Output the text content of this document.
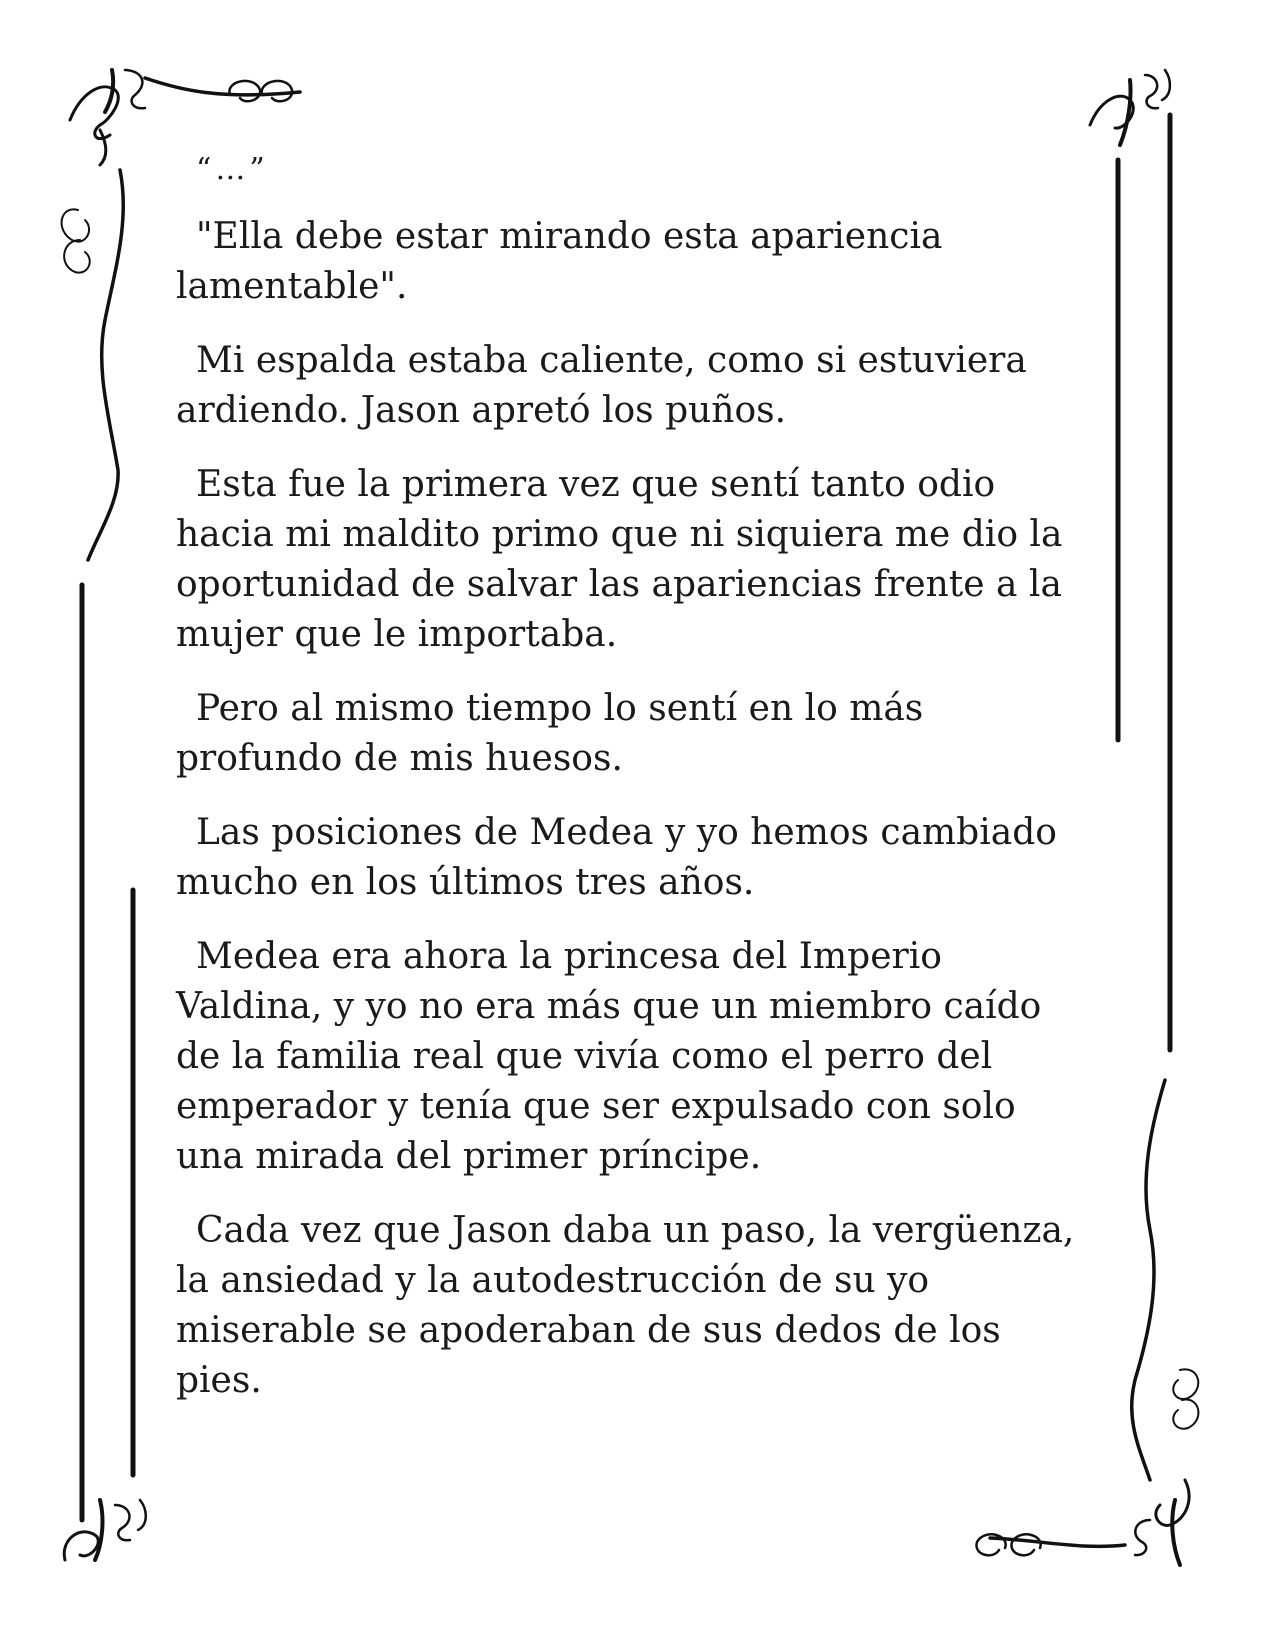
“…”

"Ella debe estar mirando esta apariencia lamentable".

Mi espalda estaba caliente, como si estuviera ardiendo. Jason apretó los puños.

Esta fue la primera vez que sentí tanto odio hacia mi maldito primo que ni siquiera me dio la oportunidad de salvar las apariencias frente a la mujer que le importaba.

Pero al mismo tiempo lo sentí en lo más profundo de mis huesos.

Las posiciones de Medea y yo hemos cambiado mucho en los últimos tres años.

Medea era ahora la princesa del Imperio Valdina, y yo no era más que un miembro caído de la familia real que vivía como el perro del emperador y tenía que ser expulsado con solo una mirada del primer príncipe.

Cada vez que Jason daba un paso, la vergüenza, la ansiedad y la autodestrucción de su yo miserable se apoderaban de sus dedos de los pies.
